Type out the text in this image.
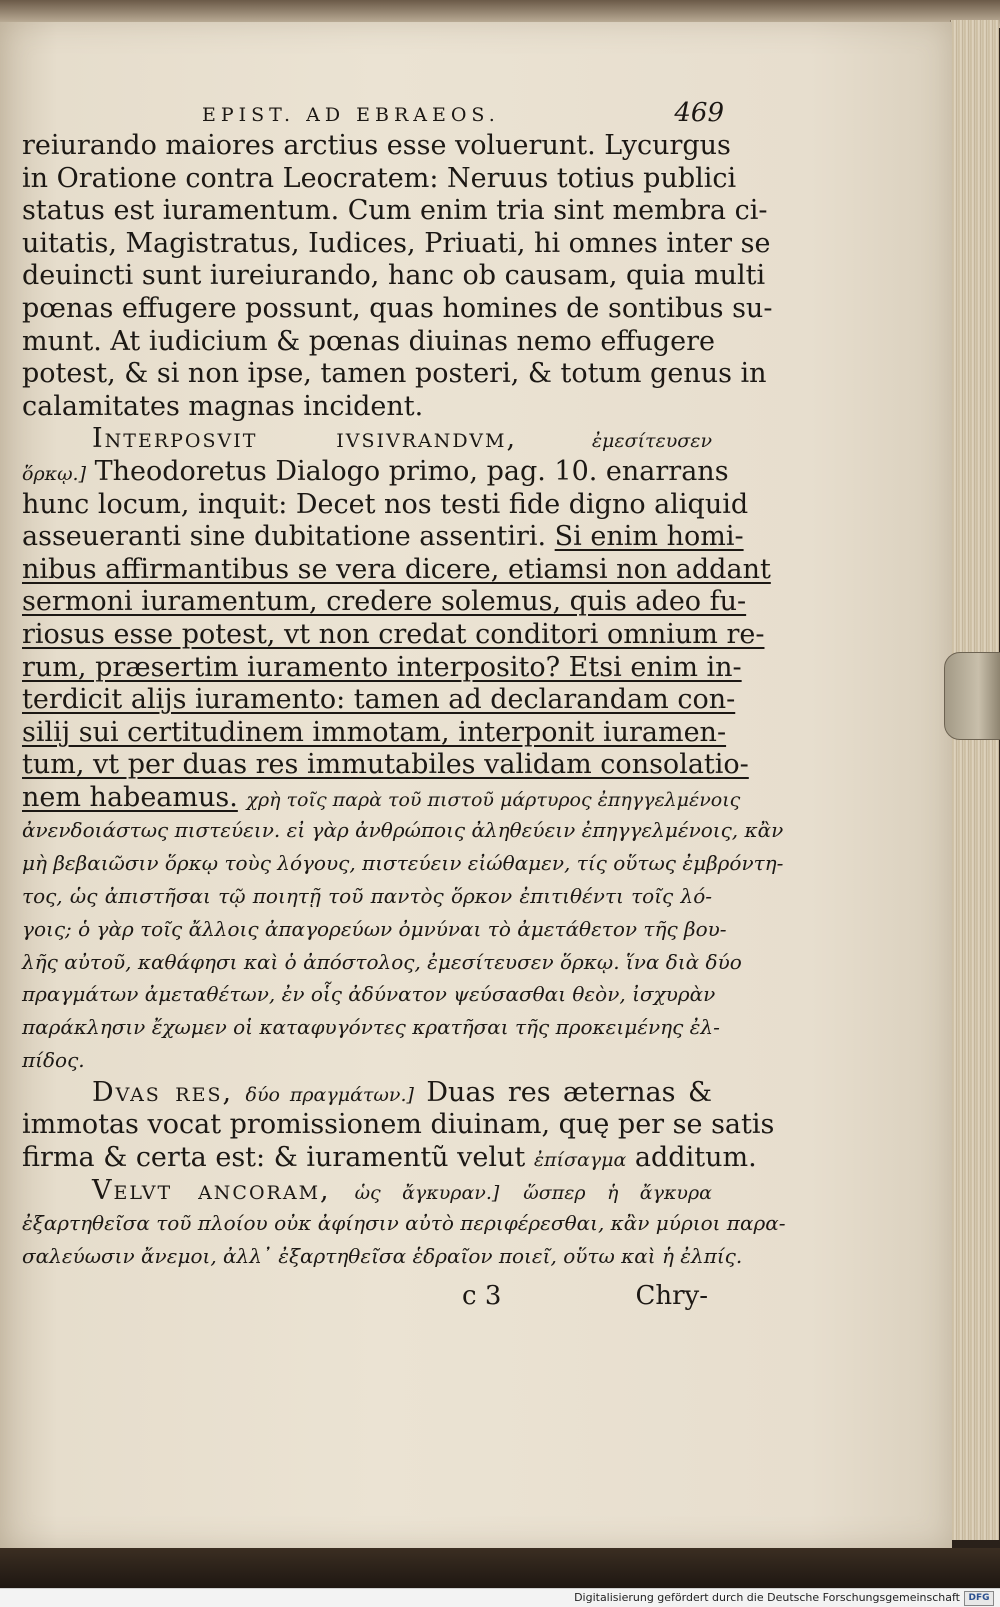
EPIST. AD EBRAEOS.	469
reiurando maiores arctius esse voluerunt. Lycurgus
in Oratione contra Leocratem: Neruus totius publici
status est iuramentum. Cum enim tria sint membra ci-
uitatis, Magistratus, Iudices, Priuati, hi omnes inter se
deuincti sunt iureiurando, hanc ob causam, quia multi
pœnas effugere possunt, quas homines de sontibus su-
munt. At iudicium & pœnas diuinas nemo effugere
potest, & si non ipse, tamen posteri, & totum genus in
calamitates magnas incident.
Interposvit ivsivrandvm, ἐμεσίτευσεν
ὅρκῳ.] Theodoretus Dialogo primo, pag. 10. enarrans
hunc locum, inquit: Decet nos testi fide digno aliquid
asseueranti sine dubitatione assentiri. Si enim homi-
nibus affirmantibus se vera dicere, etiamsi non addant
sermoni iuramentum, credere solemus, quis adeo fu-
riosus esse potest, vt non credat conditori omnium re-
rum, præsertim iuramento interposito? Etsi enim in-
terdicit alijs iuramento: tamen ad declarandam con-
silij sui certitudinem immotam, interponit iuramen-
tum, vt per duas res immutabiles validam consolatio-
nem habeamus. χρὴ τοῖς παρὰ τοῦ πιστοῦ μάρτυρος ἐπηγγελμένοις
ἀνενδοιάστως πιστεύειν. εἰ γὰρ ἀνθρώποις ἀληθεύειν ἐπηγγελμένοις, κἂν
μὴ βεβαιῶσιν ὅρκῳ τοὺς λόγους, πιστεύειν εἰώθαμεν, τίς οὕτως ἐμβρόντη-
τος, ὡς ἀπιστῆσαι τῷ ποιητῇ τοῦ παντὸς ὅρκον ἐπιτιθέντι τοῖς λό-
γοις; ὁ γὰρ τοῖς ἄλλοις ἀπαγορεύων ὀμνύναι τὸ ἀμετάθετον τῆς βου-
λῆς αὐτοῦ, καθάφησι καὶ ὁ ἀπόστολος, ἐμεσίτευσεν ὅρκῳ. ἵνα διὰ δύο
πραγμάτων ἀμεταθέτων, ἐν οἷς ἀδύνατον ψεύσασθαι θεὸν, ἰσχυρὰν
παράκλησιν ἔχωμεν οἱ καταφυγόντες κρατῆσαι τῆς προκειμένης ἐλ-
πίδος.
Dvas res, δύο πραγμάτων.] Duas res æternas &
immotas vocat promissionem diuinam, quę per se satis
firma & certa est: & iuramentũ velut ἐπίσαγμα additum.
Velvt ancoram, ὡς ἄγκυραν.] ὥσπερ ἡ ἄγκυρα
ἐξαρτηθεῖσα τοῦ πλοίου οὐκ ἀφίησιν αὐτὸ περιφέρεσθαι, κἂν μύριοι παρα-
σαλεύωσιν ἄνεμοι, ἀλλ᾽ ἐξαρτηθεῖσα ἑδραῖον ποιεῖ, οὕτω καὶ ἡ ἐλπίς.
c 3	Chry-
Digitalisierung gefördert durch die Deutsche Forschungsgemeinschaft DFG
